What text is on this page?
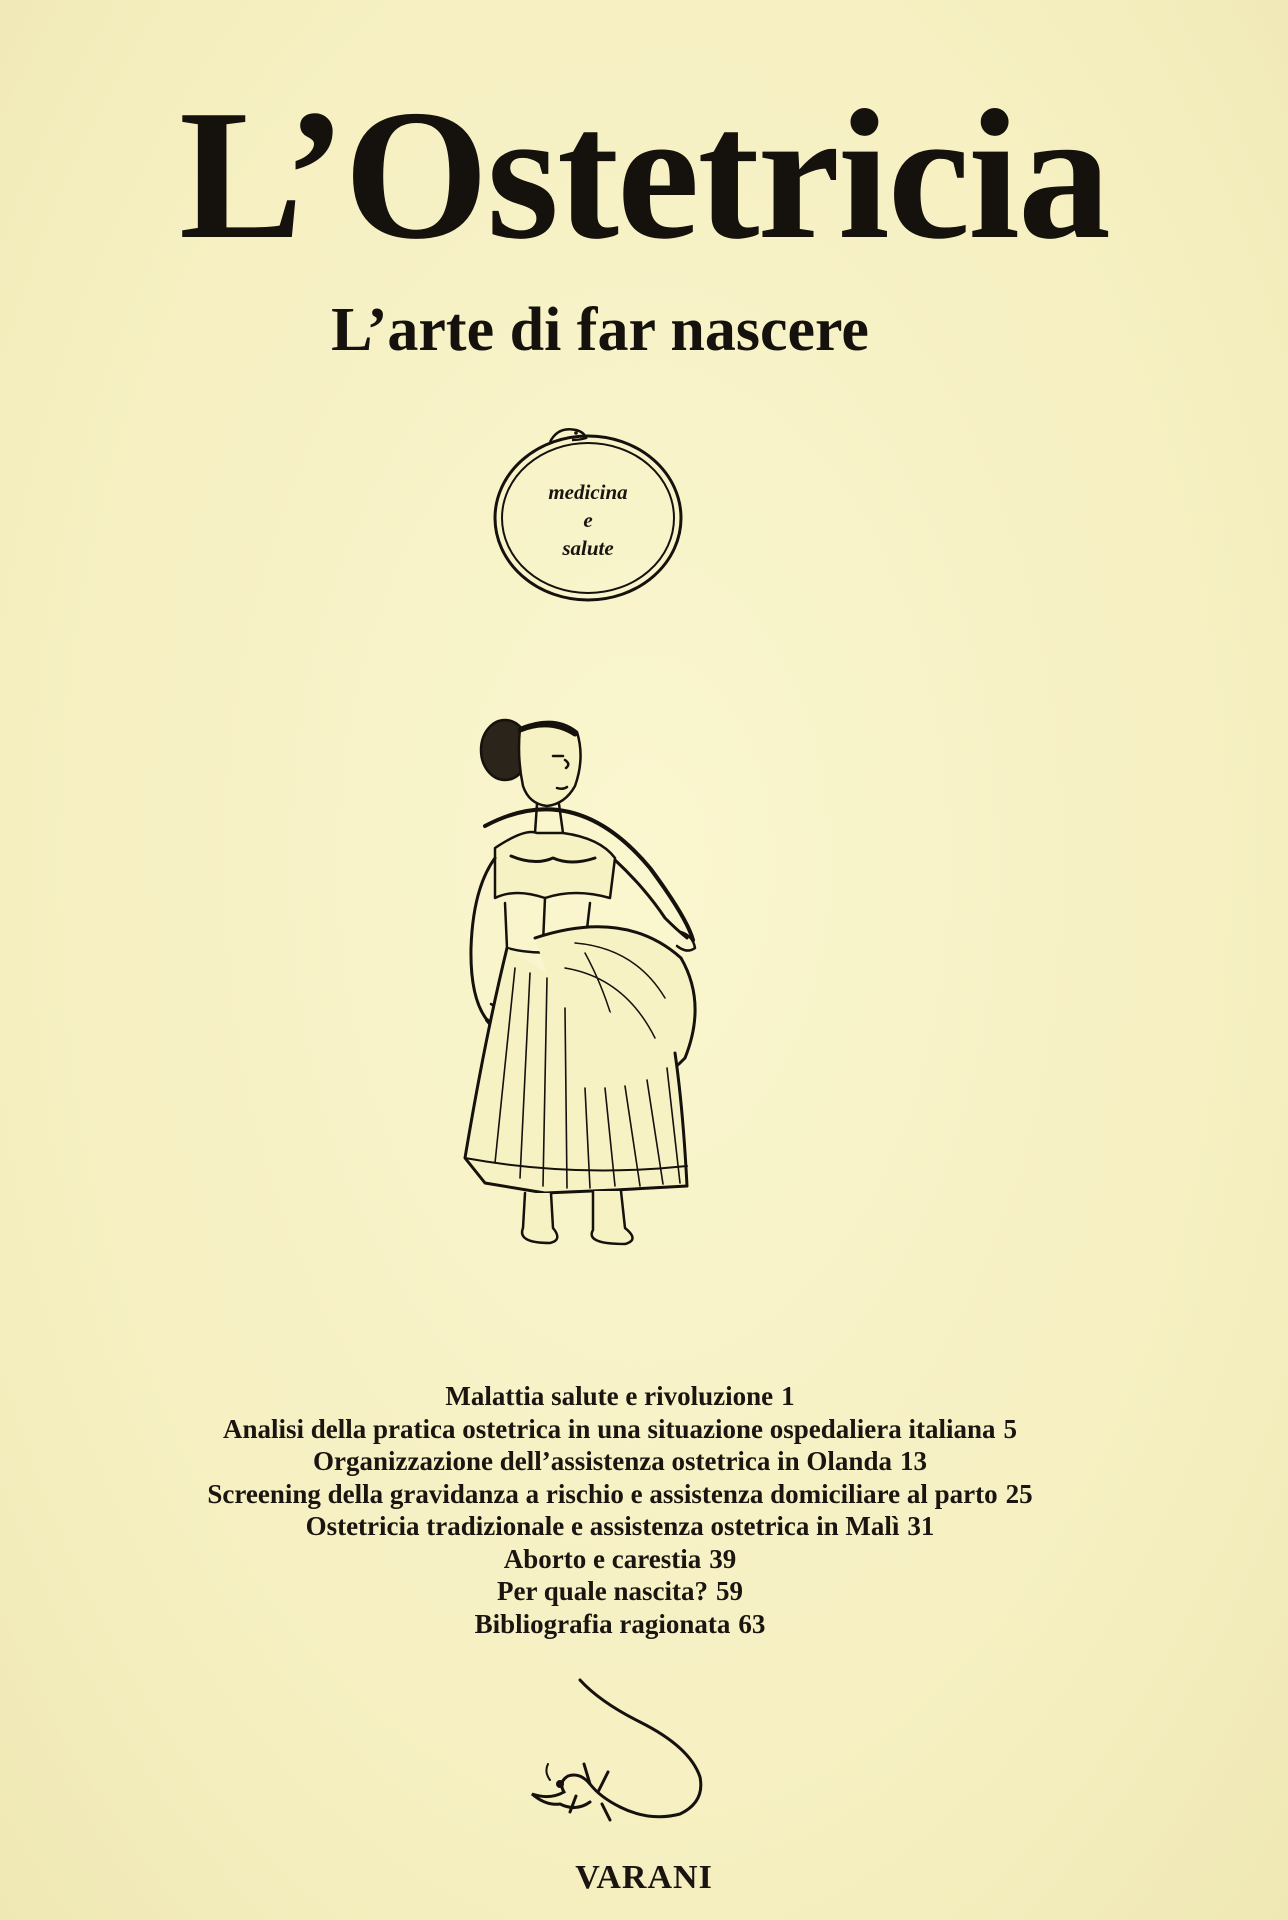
L’Ostetricia
L’arte di far nascere
medicina
e
salute
Malattia salute e rivoluzione 1
Analisi della pratica ostetrica in una situazione ospedaliera italiana 5
Organizzazione dell’assistenza ostetrica in Olanda 13
Screening della gravidanza a rischio e assistenza domiciliare al parto 25
Ostetricia tradizionale e assistenza ostetrica in Malì 31
Aborto e carestia 39
Per quale nascita? 59
Bibliografia ragionata 63
VARANI
